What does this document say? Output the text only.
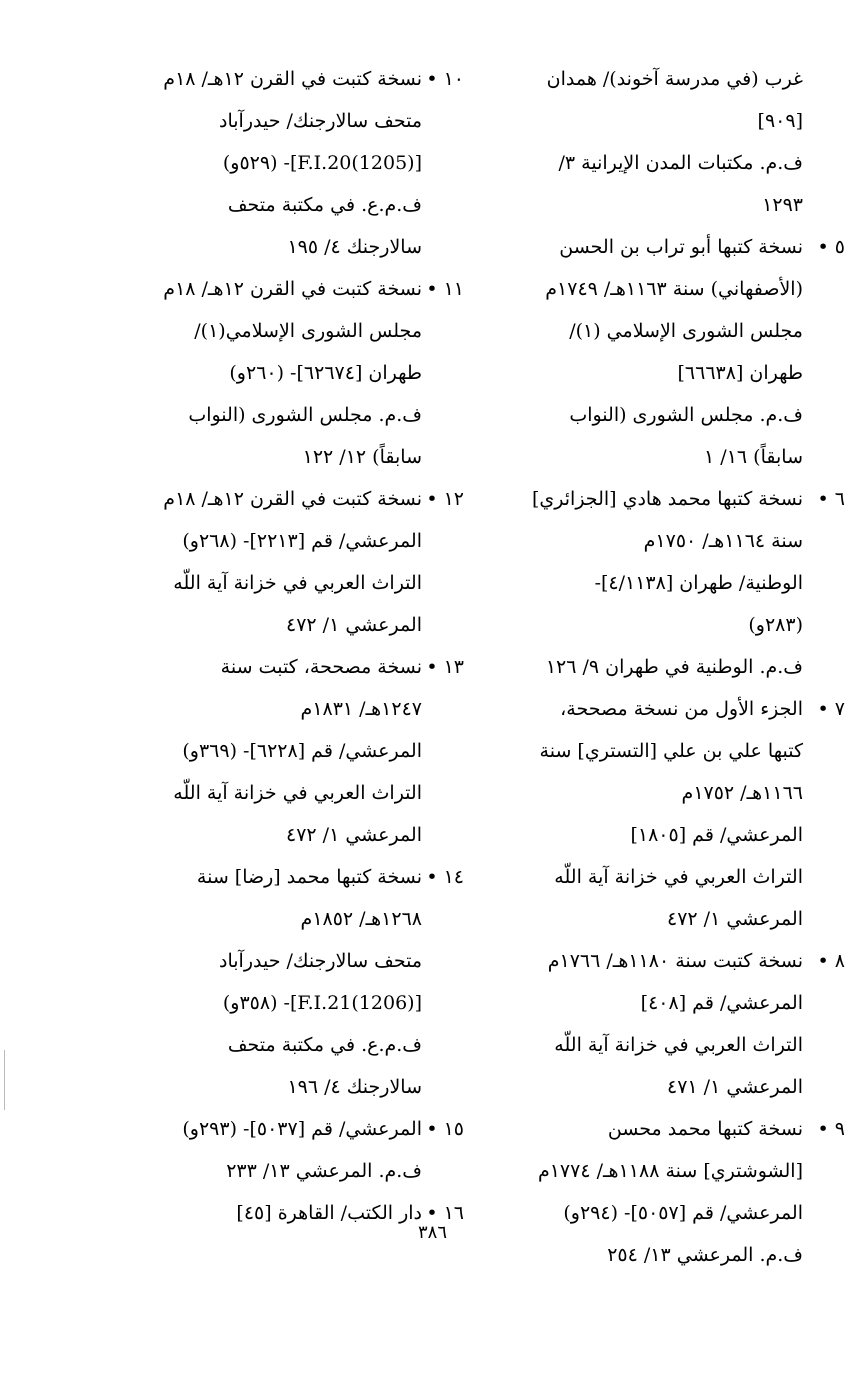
غرب (في مدرسة آخوند)/ همدان
[٩٠٩]
ف.م. مكتبات المدن الإيرانية ٣/
١٢٩٣
٥ •
نسخة كتبها أبو تراب بن الحسن
(الأصفهاني) سنة ١١٦٣هـ/ ١٧٤٩م
مجلس الشورى الإسلامي (١)/
طهران [٦٦٦٣٨]
ف.م. مجلس الشورى (النواب
سابقاً) ١٦/ ١
٦ •
نسخة كتبها محمد هادي [الجزائري]
سنة ١١٦٤هـ/ ١٧٥٠م
الوطنية/ طهران [٤/١١٣٨]-
(٢٨٣و)
ف.م. الوطنية في طهران ٩/ ١٢٦
٧ •
الجزء الأول من نسخة مصححة،
كتبها علي بن علي [التستري] سنة
١١٦٦هـ/ ١٧٥٢م
المرعشي/ قم [١٨٠٥]
التراث العربي في خزانة آية اللّه
المرعشي ١/ ٤٧٢
٨ •
نسخة كتبت سنة ١١٨٠هـ/ ١٧٦٦م
المرعشي/ قم [٤٠٨]
التراث العربي في خزانة آية اللّه
المرعشي ١/ ٤٧١
٩ •
نسخة كتبها محمد محسن
[الشوشتري] سنة ١١٨٨هـ/ ١٧٧٤م
المرعشي/ قم [٥٠٥٧]- (٢٩٤و)
ف.م. المرعشي ١٣/ ٢٥٤
١٠ •
نسخة كتبت في القرن ١٢هـ/ ١٨م
متحف سالارجنك/ حيدرآباد
[(1205)F.I.20]- (٥٢٩و)
ف.م.ع. في مكتبة متحف
سالارجنك ٤/ ١٩٥
١١ •
نسخة كتبت في القرن ١٢هـ/ ١٨م
مجلس الشورى الإسلامي(١)/
طهران [٦٢٦٧٤]- (٢٦٠و)
ف.م. مجلس الشورى (النواب
سابقاً) ١٢/ ١٢٢
١٢ •
نسخة كتبت في القرن ١٢هـ/ ١٨م
المرعشي/ قم [٢٢١٣]- (٢٦٨و)
التراث العربي في خزانة آية اللّه
المرعشي ١/ ٤٧٢
١٣ •
نسخة مصححة، كتبت سنة
١٢٤٧هـ/ ١٨٣١م
المرعشي/ قم [٦٢٢٨]- (٣٦٩و)
التراث العربي في خزانة آية اللّه
المرعشي ١/ ٤٧٢
١٤ •
نسخة كتبها محمد [رضا] سنة
١٢٦٨هـ/ ١٨٥٢م
متحف سالارجنك/ حيدرآباد
[(1206)F.I.21]- (٣٥٨و)
ف.م.ع. في مكتبة متحف
سالارجنك ٤/ ١٩٦
١٥ •
المرعشي/ قم [٥٠٣٧]- (٢٩٣و)
ف.م. المرعشي ١٣/ ٢٣٣
١٦ •
دار الكتب/ القاهرة [٤٥]
٣٨٦
